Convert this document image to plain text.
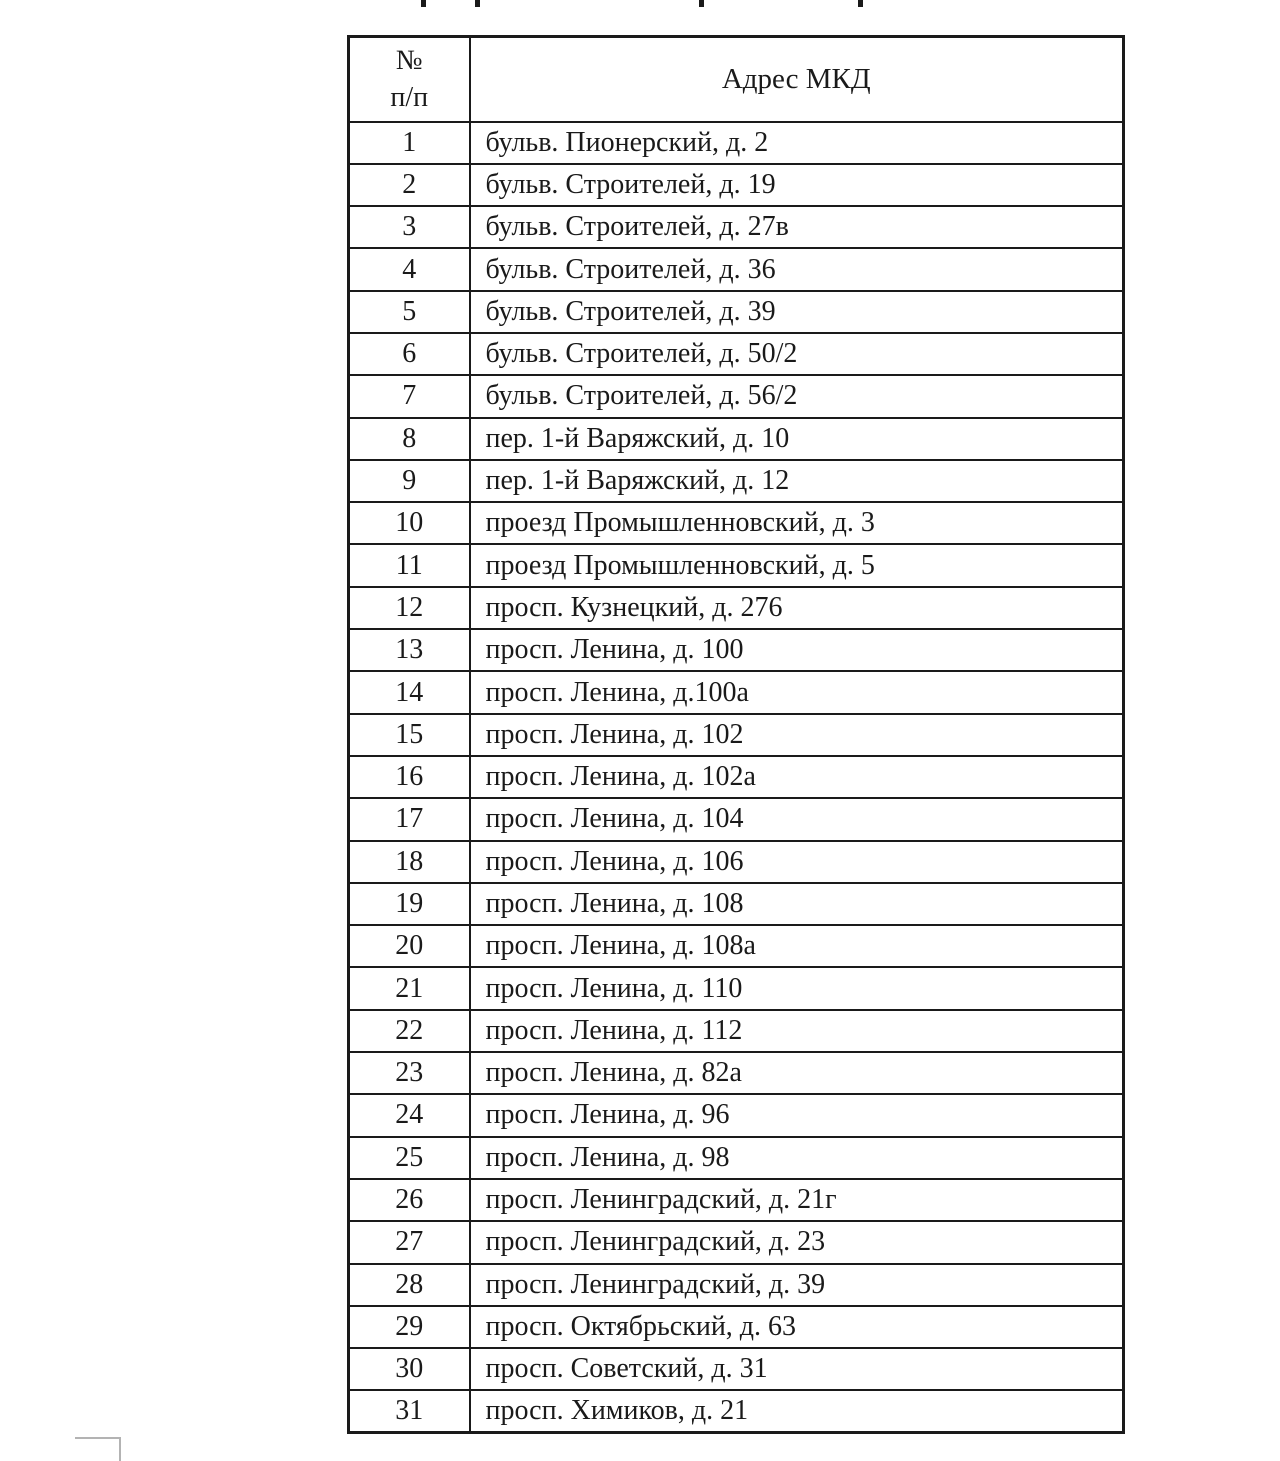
№
п/п	Адрес МКД
1	бульв. Пионерский, д. 2
2	бульв. Строителей, д. 19
3	бульв. Строителей, д. 27в
4	бульв. Строителей, д. 36
5	бульв. Строителей, д. 39
6	бульв. Строителей, д. 50/2
7	бульв. Строителей, д. 56/2
8	пер. 1-й Варяжский, д. 10
9	пер. 1-й Варяжский, д. 12
10	проезд Промышленновский, д. 3
11	проезд Промышленновский, д. 5
12	просп. Кузнецкий, д. 276
13	просп. Ленина, д. 100
14	просп. Ленина, д.100а
15	просп. Ленина, д. 102
16	просп. Ленина, д. 102а
17	просп. Ленина, д. 104
18	просп. Ленина, д. 106
19	просп. Ленина, д. 108
20	просп. Ленина, д. 108а
21	просп. Ленина, д. 110
22	просп. Ленина, д. 112
23	просп. Ленина, д. 82а
24	просп. Ленина, д. 96
25	просп. Ленина, д. 98
26	просп. Ленинградский, д. 21г
27	просп. Ленинградский, д. 23
28	просп. Ленинградский, д. 39
29	просп. Октябрьский, д. 63
30	просп. Советский, д. 31
31	просп. Химиков, д. 21
